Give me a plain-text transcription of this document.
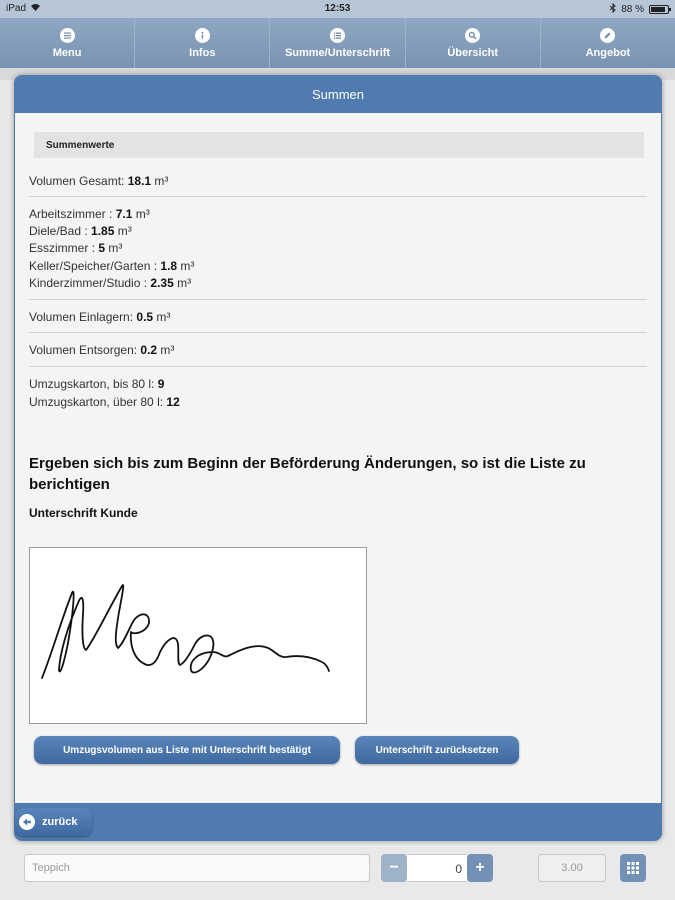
iPad	12:53	88 %
Menu	Infos	Summe/Unterschrift	Übersicht	Angebot
Summen
Summenwerte
Volumen Gesamt: 18.1 m³
Arbeitszimmer : 7.1 m³
Diele/Bad : 1.85 m³
Esszimmer : 5 m³
Keller/Speicher/Garten : 1.8 m³
Kinderzimmer/Studio : 2.35 m³
Volumen Einlagern: 0.5 m³
Volumen Entsorgen: 0.2 m³
Umzugskarton, bis 80 l: 9
Umzugskarton, über 80 l: 12
Ergeben sich bis zum Beginn der Beförderung Änderungen, so ist die Liste zu berichtigen
Unterschrift Kunde
Umzugsvolumen aus Liste mit Unterschrift bestätigt	Unterschrift zurücksetzen
zurück
Teppich	−	0 +	3.00
